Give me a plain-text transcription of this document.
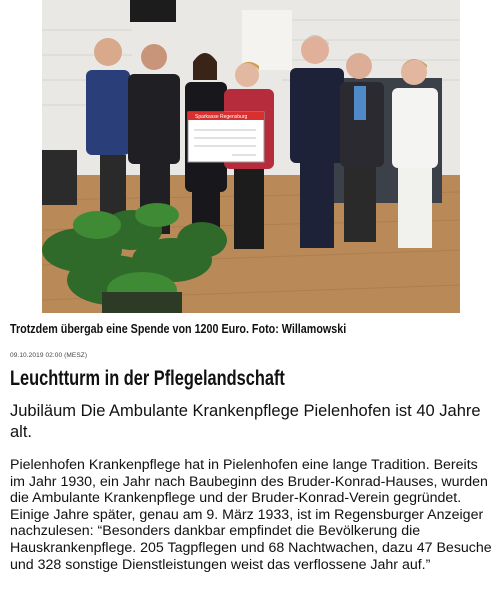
Sparkasse Regensburg
Trotzdem übergab eine Spende von 1200 Euro. Foto: Willamowski
09.10.2019 02:00 (MESZ)
Leuchtturm in der Pflegelandschaft
Jubiläum Die Ambulante Krankenpflege Pielenhofen ist 40 Jahre alt.
Pielenhofen Krankenpflege hat in Pielenhofen eine lange Tradition. Bereits im Jahr 1930, ein Jahr nach Baubeginn des Bruder-Konrad-Hauses, wurden die Ambulante Krankenpflege und der Bruder-Konrad-Verein gegründet. Einige Jahre später, genau am 9. März 1933, ist im Regensburger Anzeiger nachzulesen: “Besonders dankbar empfindet die Bevölkerung die Hauskrankenpflege. 205 Tagpflegen und 68 Nachtwachen, dazu 47 Besuche und 328 sonstige Dienstleistungen weist das verflossene Jahr auf.”
